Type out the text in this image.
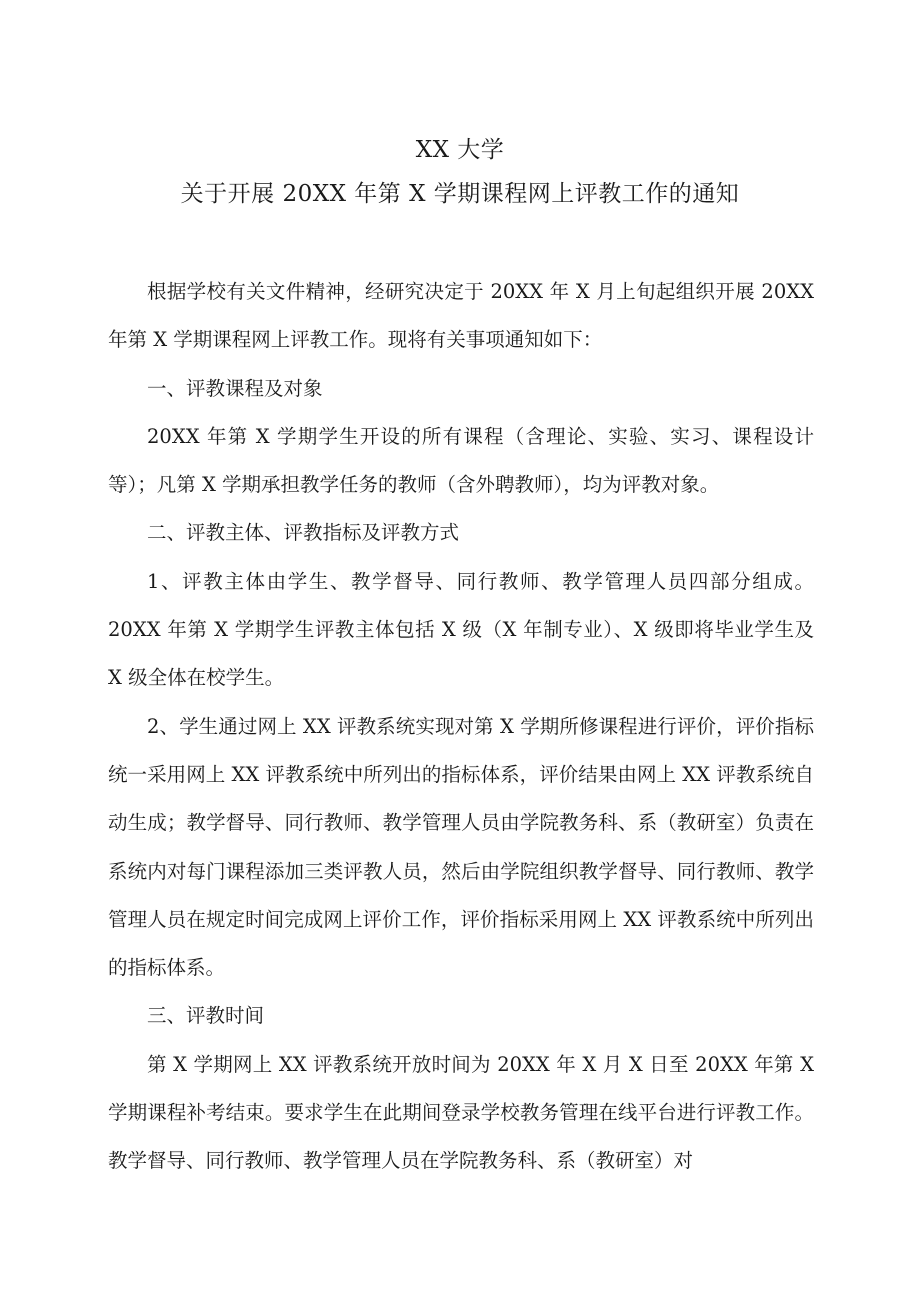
XX 大学
关于开展 20XX 年第 X 学期课程网上评教工作的通知

根据学校有关文件精神，经研究决定于 20XX 年 X 月上旬起组织开展 20XX 年第 X 学期课程网上评教工作。现将有关事项通知如下：

一、评教课程及对象

20XX 年第 X 学期学生开设的所有课程（含理论、实验、实习、课程设计等）；凡第 X 学期承担教学任务的教师（含外聘教师），均为评教对象。

二、评教主体、评教指标及评教方式

1、评教主体由学生、教学督导、同行教师、教学管理人员四部分组成。20XX 年第 X 学期学生评教主体包括 X 级（X 年制专业）、X 级即将毕业学生及 X 级全体在校学生。

2、学生通过网上 XX 评教系统实现对第 X 学期所修课程进行评价，评价指标统一采用网上 XX 评教系统中所列出的指标体系，评价结果由网上 XX 评教系统自动生成；教学督导、同行教师、教学管理人员由学院教务科、系（教研室）负责在系统内对每门课程添加三类评教人员，然后由学院组织教学督导、同行教师、教学管理人员在规定时间完成网上评价工作，评价指标采用网上 XX 评教系统中所列出的指标体系。

三、评教时间

第 X 学期网上 XX 评教系统开放时间为 20XX 年 X 月 X 日至 20XX 年第 X 学期课程补考结束。要求学生在此期间登录学校教务管理在线平台进行评教工作。教学督导、同行教师、教学管理人员在学院教务科、系（教研室）对
